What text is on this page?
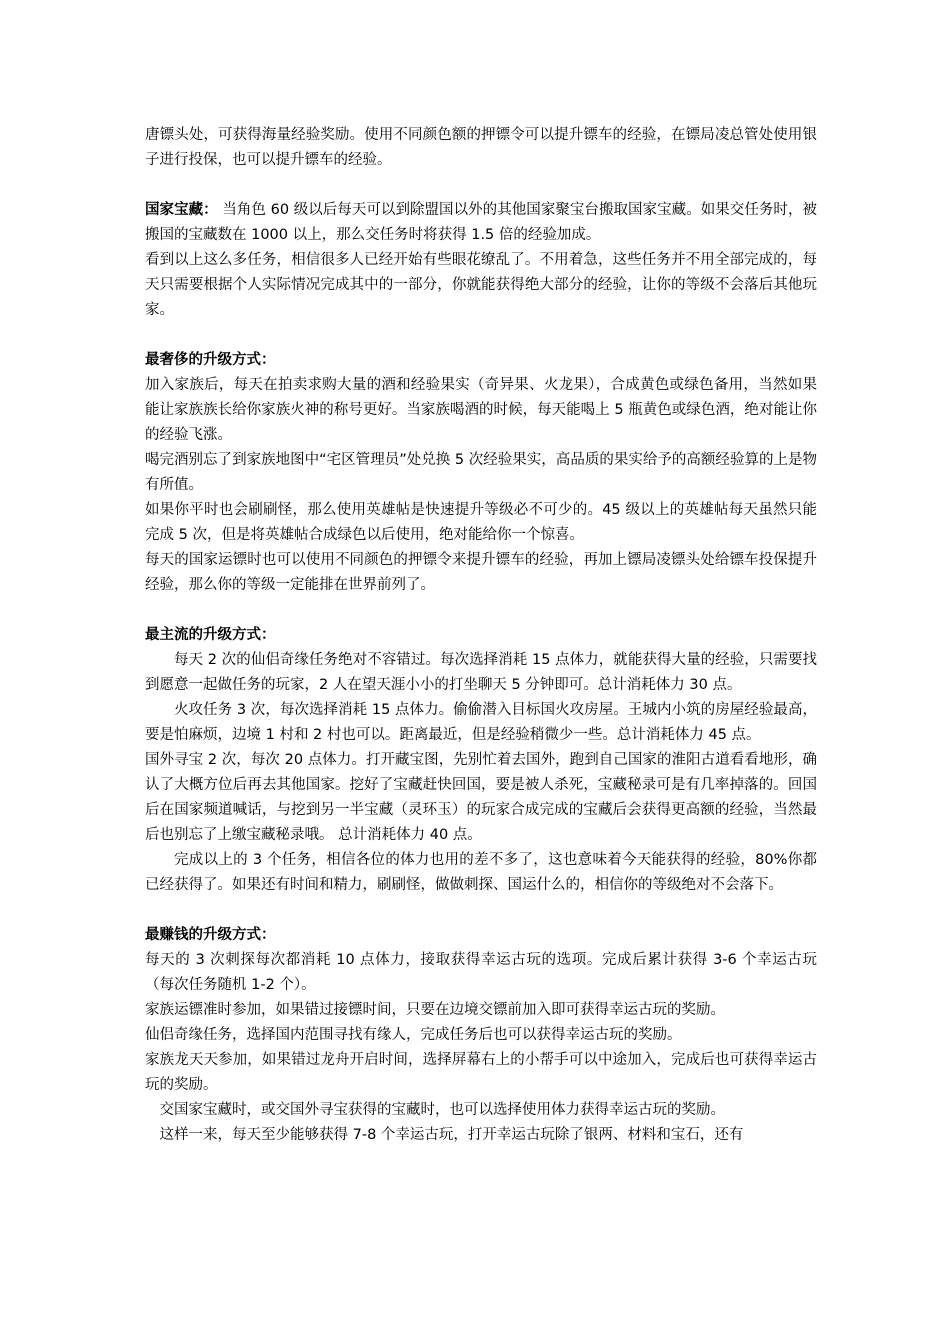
唐镖头处，可获得海量经验奖励。使用不同颜色额的押镖令可以提升镖车的经验，在镖局凌总管处使用银子进行投保，也可以提升镖车的经验。

国家宝藏： 当角色 60 级以后每天可以到除盟国以外的其他国家聚宝台搬取国家宝藏。如果交任务时，被搬国的宝藏数在 1000 以上，那么交任务时将获得 1.5 倍的经验加成。

看到以上这么多任务，相信很多人已经开始有些眼花缭乱了。不用着急，这些任务并不用全部完成的，每天只需要根据个人实际情况完成其中的一部分，你就能获得绝大部分的经验，让你的等级不会落后其他玩家。

最奢侈的升级方式：

加入家族后，每天在拍卖求购大量的酒和经验果实（奇异果、火龙果），合成黄色或绿色备用，当然如果能让家族族长给你家族火神的称号更好。当家族喝酒的时候，每天能喝上 5 瓶黄色或绿色酒，绝对能让你的经验飞涨。

喝完酒别忘了到家族地图中“宅区管理员”处兑换 5 次经验果实，高品质的果实给予的高额经验算的上是物有所值。

如果你平时也会刷刷怪，那么使用英雄帖是快速提升等级必不可少的。45 级以上的英雄帖每天虽然只能完成 5 次，但是将英雄帖合成绿色以后使用，绝对能给你一个惊喜。

每天的国家运镖时也可以使用不同颜色的押镖令来提升镖车的经验，再加上镖局凌镖头处给镖车投保提升经验，那么你的等级一定能排在世界前列了。

最主流的升级方式：

每天 2 次的仙侣奇缘任务绝对不容错过。每次选择消耗 15 点体力，就能获得大量的经验，只需要找到愿意一起做任务的玩家，2 人在望天涯小小的打坐聊天 5 分钟即可。总计消耗体力 30 点。

火攻任务 3 次，每次选择消耗 15 点体力。偷偷潜入目标国火攻房屋。王城内小筑的房屋经验最高，要是怕麻烦，边境 1 村和 2 村也可以。距离最近，但是经验稍微少一些。总计消耗体力 45 点。

国外寻宝 2 次，每次 20 点体力。打开藏宝图，先别忙着去国外，跑到自己国家的淮阳古道看看地形，确认了大概方位后再去其他国家。挖好了宝藏赶快回国，要是被人杀死，宝藏秘录可是有几率掉落的。回国后在国家频道喊话，与挖到另一半宝藏（灵环玉）的玩家合成完成的宝藏后会获得更高额的经验，当然最后也别忘了上缴宝藏秘录哦。 总计消耗体力 40 点。

完成以上的 3 个任务，相信各位的体力也用的差不多了，这也意味着今天能获得的经验，80%你都已经获得了。如果还有时间和精力，刷刷怪，做做刺探、国运什么的，相信你的等级绝对不会落下。

最赚钱的升级方式：

每天的 3 次刺探每次都消耗 10 点体力，接取获得幸运古玩的选项。完成后累计获得 3-6 个幸运古玩（每次任务随机 1-2 个）。

家族运镖准时参加，如果错过接镖时间，只要在边境交镖前加入即可获得幸运古玩的奖励。

仙侣奇缘任务，选择国内范围寻找有缘人，完成任务后也可以获得幸运古玩的奖励。

家族龙天天参加，如果错过龙舟开启时间，选择屏幕右上的小帮手可以中途加入，完成后也可获得幸运古玩的奖励。

交国家宝藏时，或交国外寻宝获得的宝藏时，也可以选择使用体力获得幸运古玩的奖励。

这样一来，每天至少能够获得 7-8 个幸运古玩，打开幸运古玩除了银两、材料和宝石，还有
